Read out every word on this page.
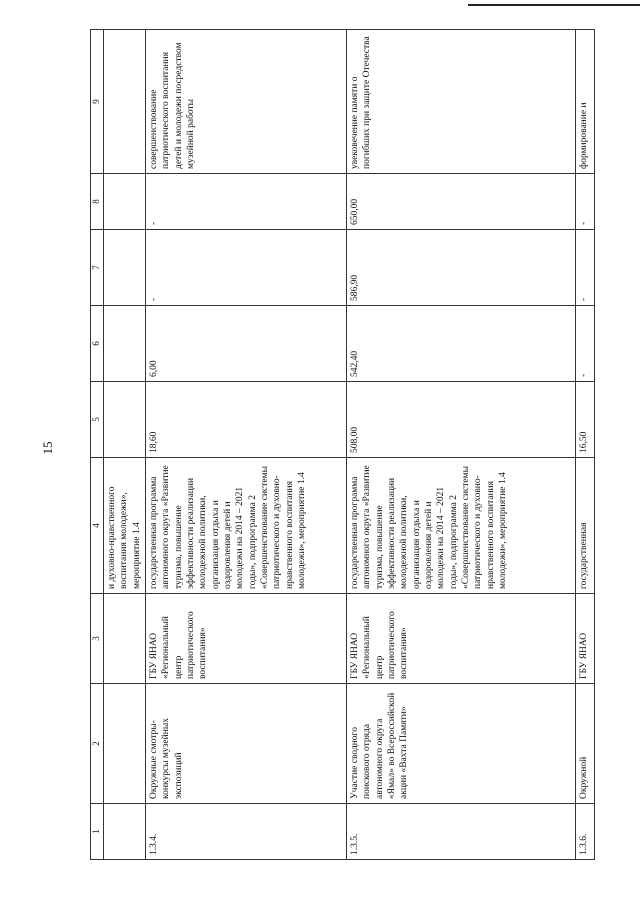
15
1	2	3	4	5	6	7	8	9
			и духовно-нравственного воспитания молодежи», мероприятие 1.4					
1.3.4.	Окружные смотры-конкурсы музейных экспозиций	ГБУ ЯНАО «Региональный центр патриотического воспитания»	государственная программа автономного округа «Развитие туризма, повышение эффективности реализации молодежной политики, организация отдыха и оздоровления детей и молодежи на 2014 – 2021 годы», подпрограмма 2 «Совершенствование системы патриотического и духовно-нравственного воспитания молодежи», мероприятие 1.4	18,60	6,00	-	-	совершенствование патриотического воспитания детей и молодежи посредством музейной работы
1.3.5.	Участие сводного поискового отряда автономного округа «Ямал» во Всероссийской акции «Вахта Памяти»	ГБУ ЯНАО «Региональный центр патриотического воспитания»	государственная программа автономного округа «Развитие туризма, повышение эффективности реализации молодежной политики, организация отдыха и оздоровления детей и молодежи на 2014 – 2021 годы», подпрограмма 2 «Совершенствование системы патриотического и духовно-нравственного воспитания молодежи», мероприятие 1.4	508,00	542,40	586,90	650,00	увековечение памяти о погибших при защите Отечества
1.3.6.	Окружной	ГБУ ЯНАО	государственная	16,50	-	-	-	формирование и
